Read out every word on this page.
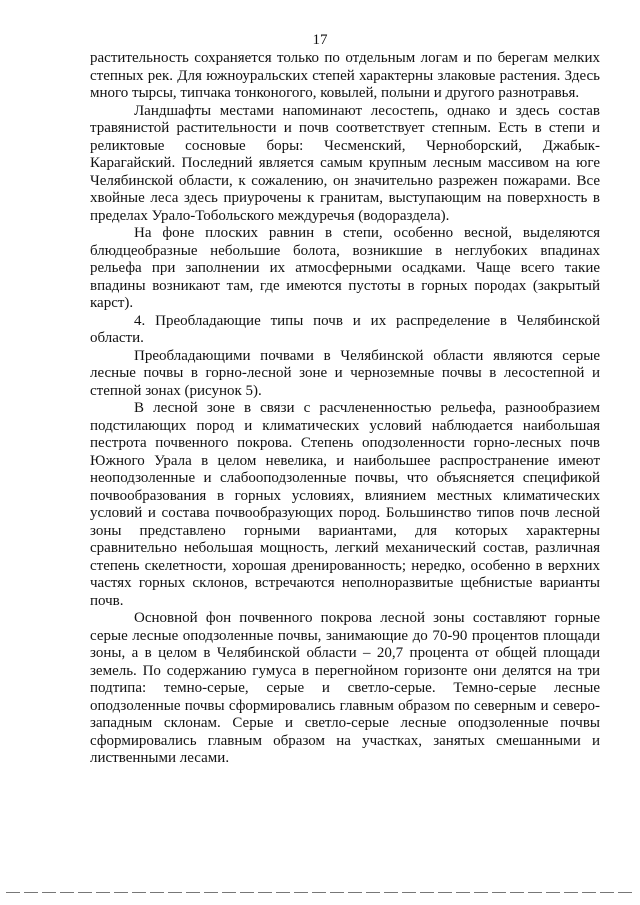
17

растительность сохраняется только по отдельным логам и по берегам мелких степных рек. Для южноуральских степей характерны злаковые растения. Здесь много тырсы, типчака тонконогого, ковылей, полыни и другого разнотравья.

Ландшафты местами напоминают лесостепь, однако и здесь состав травянистой растительности и почв соответствует степным. Есть в степи и реликтовые сосновые боры: Чесменский, Черноборский, Джабык-Карагайский. Последний является самым крупным лесным массивом на юге Челябинской области, к сожалению, он значительно разрежен пожарами. Все хвойные леса здесь приурочены к гранитам, выступающим на поверхность в пределах Урало-Тобольского междуречья (водораздела).

На фоне плоских равнин в степи, особенно весной, выделяются блюдцеобразные небольшие болота, возникшие в неглубоких впадинах рельефа при заполнении их атмосферными осадками. Чаще всего такие впадины возникают там, где имеются пустоты в горных породах (закрытый карст).

4. Преобладающие типы почв и их распределение в Челябинской области.

Преобладающими почвами в Челябинской области являются серые лесные почвы в горно-лесной зоне и черноземные почвы в лесостепной и степной зонах (рисунок 5).

В лесной зоне в связи с расчлененностью рельефа, разнообразием подстилающих пород и климатических условий наблюдается наибольшая пестрота почвенного покрова. Степень оподзоленности горно-лесных почв Южного Урала в целом невелика, и наибольшее распространение имеют неоподзоленные и слабооподзоленные почвы, что объясняется спецификой почвообразования в горных условиях, влиянием местных климатических условий и состава почвообразующих пород. Большинство типов почв лесной зоны представлено горными вариантами, для которых характерны сравнительно небольшая мощность, легкий механический состав, различная степень скелетности, хорошая дренированность; нередко, особенно в верхних частях горных склонов, встречаются неполноразвитые щебнистые варианты почв.

Основной фон почвенного покрова лесной зоны составляют горные серые лесные оподзоленные почвы, занимающие до 70-90 процентов площади зоны, а в целом в Челябинской области – 20,7 процента от общей площади земель. По содержанию гумуса в перегнойном горизонте они делятся на три подтипа: темно-серые, серые и светло-серые. Темно-серые лесные оподзоленные почвы сформировались главным образом по северным и северо-западным склонам. Серые и светло-серые лесные оподзоленные почвы сформировались главным образом на участках, занятых смешанными и лиственными лесами.
